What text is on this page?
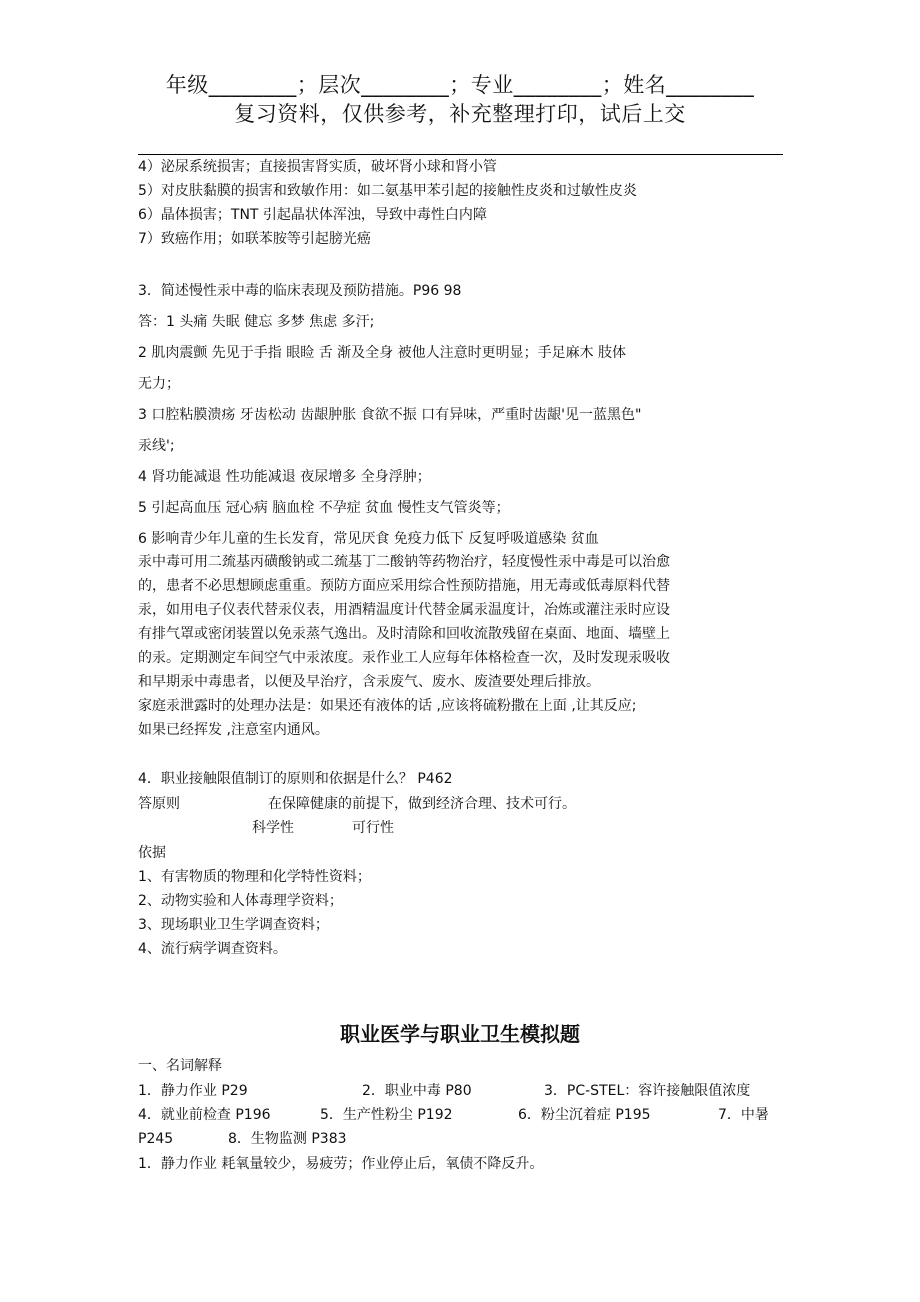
年级________；层次________；专业________；姓名________
复习资料，仅供参考，补充整理打印，试后上交
4）泌尿系统损害；直接损害肾实质，破坏肾小球和肾小管
5）对皮肤黏膜的损害和致敏作用：如二氨基甲苯引起的接触性皮炎和过敏性皮炎
6）晶体损害；TNT 引起晶状体浑浊，导致中毒性白内障
7）致癌作用；如联苯胺等引起膀光癌
3．简述慢性汞中毒的临床表现及预防措施。P96 98
答：1 头痛 失眠 健忘 多梦 焦虑 多汗;
2 肌肉震颤 先见于手指 眼睑 舌 渐及全身 被他人注意时更明显；手足麻木 肢体
无力；
3 口腔粘膜溃疡 牙齿松动 齿龈肿胀 食欲不振 口有异味，严重时齿龈'见一蓝黑色"
汞线';
4 肾功能减退 性功能减退 夜尿增多 全身浮肿；
5 引起高血压 冠心病 脑血栓 不孕症 贫血 慢性支气管炎等；
6 影响青少年儿童的生长发育，常见厌食 免疫力低下 反复呼吸道感染 贫血
汞中毒可用二巯基丙磺酸钠或二巯基丁二酸钠等药物治疗，轻度慢性汞中毒是可以治愈
的，患者不必思想顾虑重重。预防方面应采用综合性预防措施，用无毒或低毒原料代替
汞，如用电子仪表代替汞仪表，用酒精温度计代替金属汞温度计，冶炼或灌注汞时应设
有排气罩或密闭装置以免汞蒸气逸出。及时清除和回收流散残留在桌面、地面、墙壁上
的汞。定期测定车间空气中汞浓度。汞作业工人应每年体格检查一次，及时发现汞吸收
和早期汞中毒患者，以便及早治疗，含汞废气、废水、废渣要处理后排放。
家庭汞泄露时的处理办法是：如果还有液体的话 ,应该将硫粉撒在上面 ,让其反应;
如果已经挥发 ,注意室内通风。
4．职业接触限值制订的原则和依据是什么？ P462
答原则	在保障健康的前提下，做到经济合理、技术可行。
科学性	可行性
依据
1、有害物质的物理和化学特性资料；
2、动物实验和人体毒理学资料；
3、现场职业卫生学调查资料；
4、流行病学调查资料。
职业医学与职业卫生模拟题
一、名词解释
1．静力作业 P29	2．职业中毒 P80	3．PC-STEL：容许接触限值浓度
4．就业前检查 P196	5．生产性粉尘 P192	6．粉尘沉着症 P195	7．中暑
P245	8．生物监测 P383
1．静力作业 耗氧量较少，易疲劳；作业停止后，氧债不降反升。
